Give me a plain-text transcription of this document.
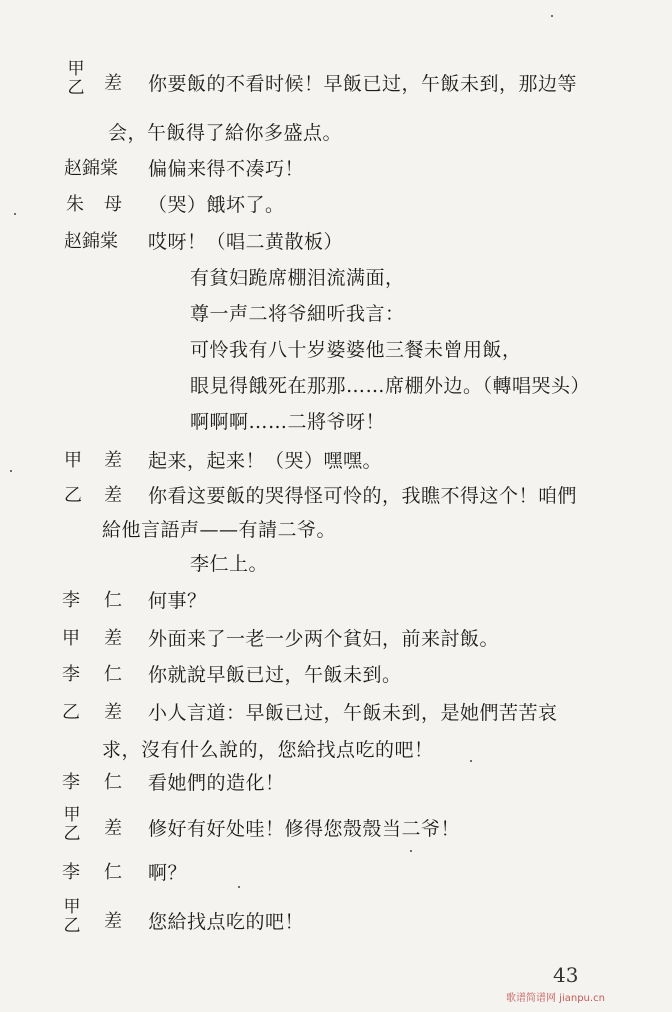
甲
乙 差 你要飯的不看时候！早飯已过，午飯未到，那边等
会，午飯得了給你多盛点。
赵錦棠 偏偏来得不凑巧！
朱 母 （哭）餓坏了。
赵錦棠 哎呀！（唱二黄散板）
有貧妇跪席棚泪流满面，
尊一声二将爷細听我言：
可怜我有八十岁婆婆他三餐未曾用飯，
眼見得餓死在那那……席棚外边。（轉唱哭头）
啊啊啊……二將爷呀！
甲 差 起来，起来！（哭）嘿嘿。
乙 差 你看这要飯的哭得怪可怜的，我瞧不得这个！咱們
給他言語声——有請二爷。
李仁上。
李 仁 何事？
甲 差 外面来了一老一少两个貧妇，前来討飯。
李 仁 你就說早飯已过，午飯未到。
乙 差 小人言道：早飯已过，午飯未到，是她們苦苦哀
求，沒有什么說的，您給找点吃的吧！
李 仁 看她們的造化！
甲
乙 差 修好有好处哇！修得您殼殼当二爷！
李 仁 啊？
甲
乙 差 您給找点吃的吧！
43
歌谱简谱网 jianpu.cn
